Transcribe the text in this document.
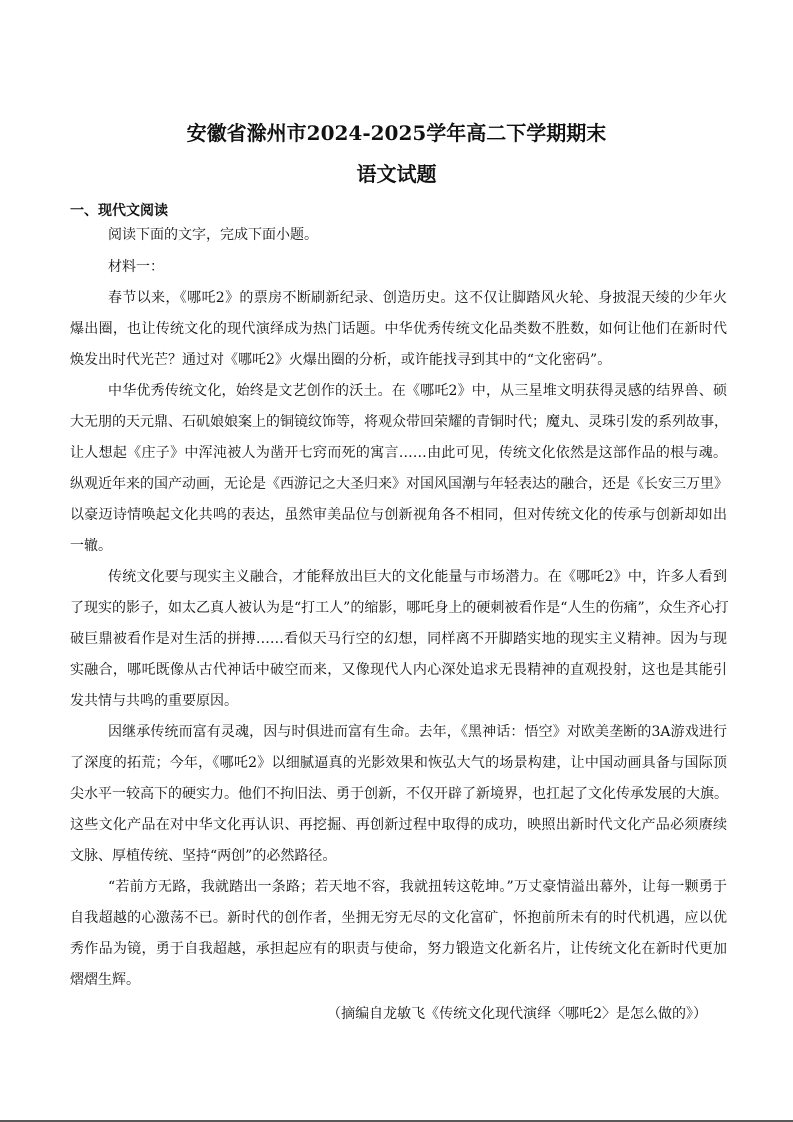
安徽省滁州市2024-2025学年高二下学期期末
语文试题
一、现代文阅读
阅读下面的文字，完成下面小题。
材料一：
春节以来，《哪吒2》的票房不断刷新纪录、创造历史。这不仅让脚踏风火轮、身披混天绫的少年火
爆出圈，也让传统文化的现代演绎成为热门话题。中华优秀传统文化品类数不胜数，如何让他们在新时代
焕发出时代光芒？通过对《哪吒2》火爆出圈的分析，或许能找寻到其中的“文化密码”。
中华优秀传统文化，始终是文艺创作的沃土。在《哪吒2》中，从三星堆文明获得灵感的结界兽、硕
大无朋的天元鼎、石矶娘娘案上的铜镜纹饰等，将观众带回荣耀的青铜时代；魔丸、灵珠引发的系列故事，
让人想起《庄子》中浑沌被人为凿开七窍而死的寓言……由此可见，传统文化依然是这部作品的根与魂。
纵观近年来的国产动画，无论是《西游记之大圣归来》对国风国潮与年轻表达的融合，还是《长安三万里》
以豪迈诗情唤起文化共鸣的表达，虽然审美品位与创新视角各不相同，但对传统文化的传承与创新却如出
一辙。
传统文化要与现实主义融合，才能释放出巨大的文化能量与市场潜力。在《哪吒2》中，许多人看到
了现实的影子，如太乙真人被认为是“打工人”的缩影，哪吒身上的硬刺被看作是“人生的伤痛”，众生齐心打
破巨鼎被看作是对生活的拼搏……看似天马行空的幻想，同样离不开脚踏实地的现实主义精神。因为与现
实融合，哪吒既像从古代神话中破空而来，又像现代人内心深处追求无畏精神的直观投射，这也是其能引
发共情与共鸣的重要原因。
因继承传统而富有灵魂，因与时俱进而富有生命。去年，《黑神话：悟空》对欧美垄断的3A游戏进行
了深度的拓荒；今年，《哪吒2》以细腻逼真的光影效果和恢弘大气的场景构建，让中国动画具备与国际顶
尖水平一较高下的硬实力。他们不拘旧法、勇于创新，不仅开辟了新境界，也扛起了文化传承发展的大旗。
这些文化产品在对中华文化再认识、再挖掘、再创新过程中取得的成功，映照出新时代文化产品必须赓续
文脉、厚植传统、坚持“两创”的必然路径。
“若前方无路，我就踏出一条路；若天地不容，我就扭转这乾坤。”万丈豪情溢出幕外，让每一颗勇于
自我超越的心激荡不已。新时代的创作者，坐拥无穷无尽的文化富矿，怀抱前所未有的时代机遇，应以优
秀作品为镜，勇于自我超越，承担起应有的职责与使命，努力锻造文化新名片，让传统文化在新时代更加
熠熠生辉。
（摘编自龙敏飞《传统文化现代演绎〈哪吒2〉是怎么做的》）
